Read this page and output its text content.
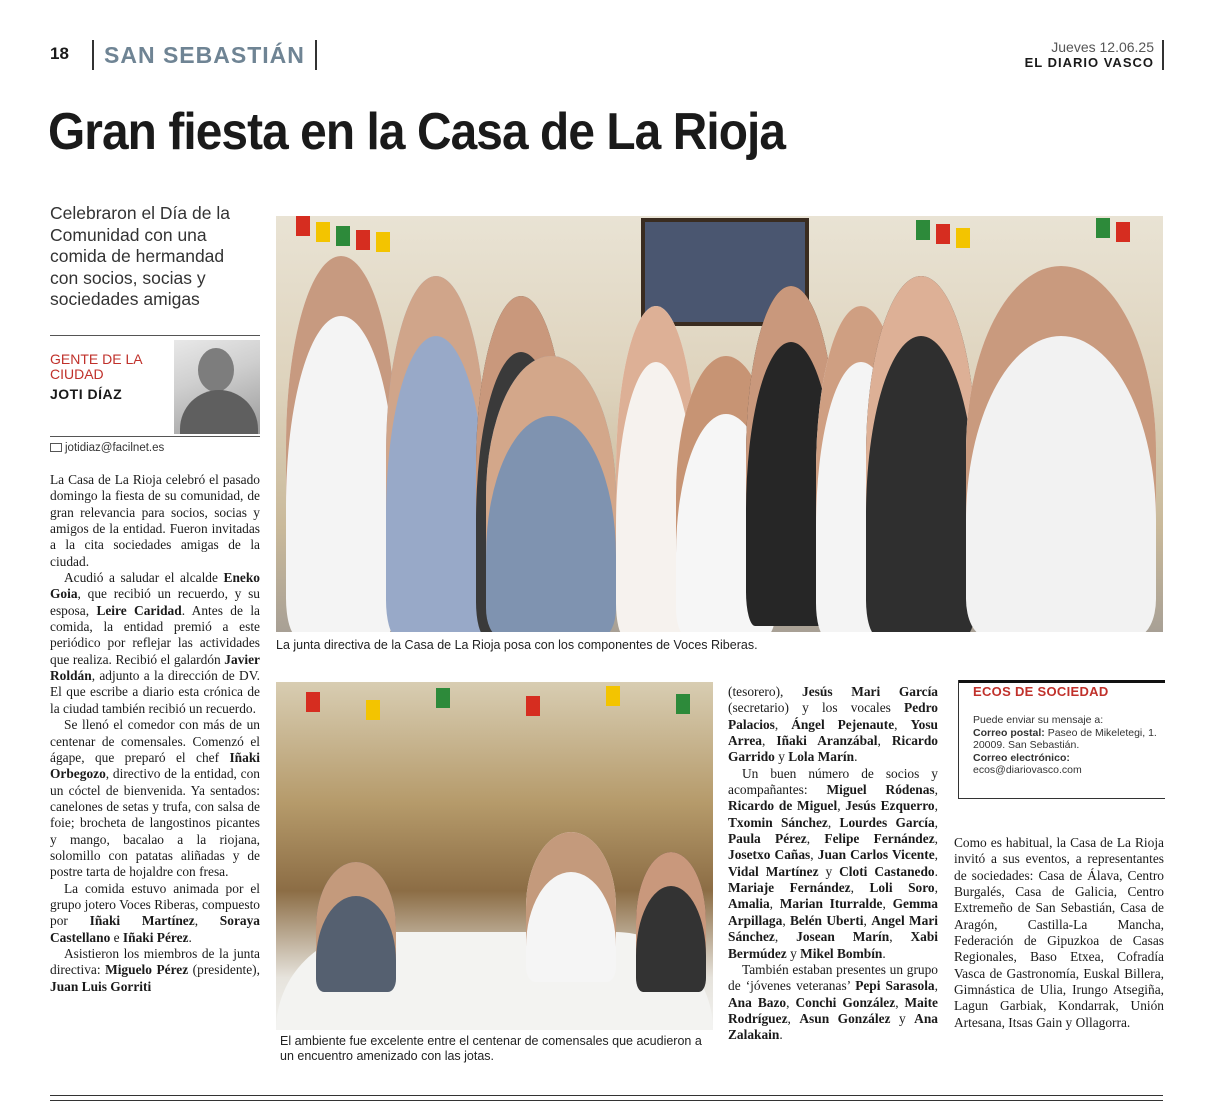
18	SAN SEBASTIÁN	Jueves 12.06.25
EL DIARIO VASCO
Gran fiesta en la Casa de La Rioja
Celebraron el Día de la Comunidad con una comida de hermandad con socios, socias y sociedades amigas
GENTE DE LA CIUDAD
JOTI DÍAZ
jotidiaz@facilnet.es

La Casa de La Rioja celebró el pasado domingo la fiesta de su comunidad, de gran relevancia para socios, socias y amigos de la entidad. Fueron invitadas a la cita sociedades amigas de la ciudad.

Acudió a saludar el alcalde Eneko Goia, que recibió un recuerdo, y su esposa, Leire Caridad. Antes de la comida, la entidad premió a este periódico por reflejar las actividades que realiza. Recibió el galardón Javier Roldán, adjunto a la dirección de DV. El que escribe a diario esta crónica de la ciudad también recibió un recuerdo.

Se llenó el comedor con más de un centenar de comensales. Comenzó el ágape, que preparó el chef Iñaki Orbegozo, directivo de la entidad, con un cóctel de bienvenida. Ya sentados: canelones de setas y trufa, con salsa de foie; brocheta de langostinos picantes y mango, bacalao a la riojana, solomillo con patatas aliñadas y de postre tarta de hojaldre con fresa.

La comida estuvo animada por el grupo jotero Voces Riberas, compuesto por Iñaki Martínez, Soraya Castellano e Iñaki Pérez.

Asistieron los miembros de la junta directiva: Miguelo Pérez (presidente), Juan Luis Gorriti

La junta directiva de la Casa de La Rioja posa con los componentes de Voces Riberas.
El ambiente fue excelente entre el centenar de comensales que acudieron a un encuentro amenizado con las jotas.

(tesorero), Jesús Mari García (secretario) y los vocales Pedro Palacios, Ángel Pejenaute, Yosu Arrea, Iñaki Aranzábal, Ricardo Garrido y Lola Marín.

Un buen número de socios y acompañantes: Miguel Ródenas, Ricardo de Miguel, Jesús Ezquerro, Txomin Sánchez, Lourdes García, Paula Pérez, Felipe Fernández, Josetxo Cañas, Juan Carlos Vicente, Vidal Martínez y Cloti Castanedo. Mariaje Fernández, Loli Soro, Amalia, Marian Iturralde, Gemma Arpillaga, Belén Uberti, Angel Mari Sánchez, Josean Marín, Xabi Bermúdez y Mikel Bombín.

También estaban presentes un grupo de ‘jóvenes veteranas’ Pepi Sarasola, Ana Bazo, Conchi González, Maite Rodríguez, Asun González y Ana Zalakain.

ECOS DE SOCIEDAD
Puede enviar su mensaje a:
Correo postal: Paseo de Mikeletegi, 1. 20009. San Sebastián.
Correo electrónico:
ecos@diariovasco.com

Como es habitual, la Casa de La Rioja invitó a sus eventos, a representantes de sociedades: Casa de Álava, Centro Burgalés, Casa de Galicia, Centro Extremeño de San Sebastián, Casa de Aragón, Castilla-La Mancha, Federación de Gipuzkoa de Casas Regionales, Baso Etxea, Cofradía Vasca de Gastronomía, Euskal Billera, Gimnástica de Ulia, Irungo Atsegiña, Lagun Garbiak, Kondarrak, Unión Artesana, Itsas Gain y Ollagorra.
